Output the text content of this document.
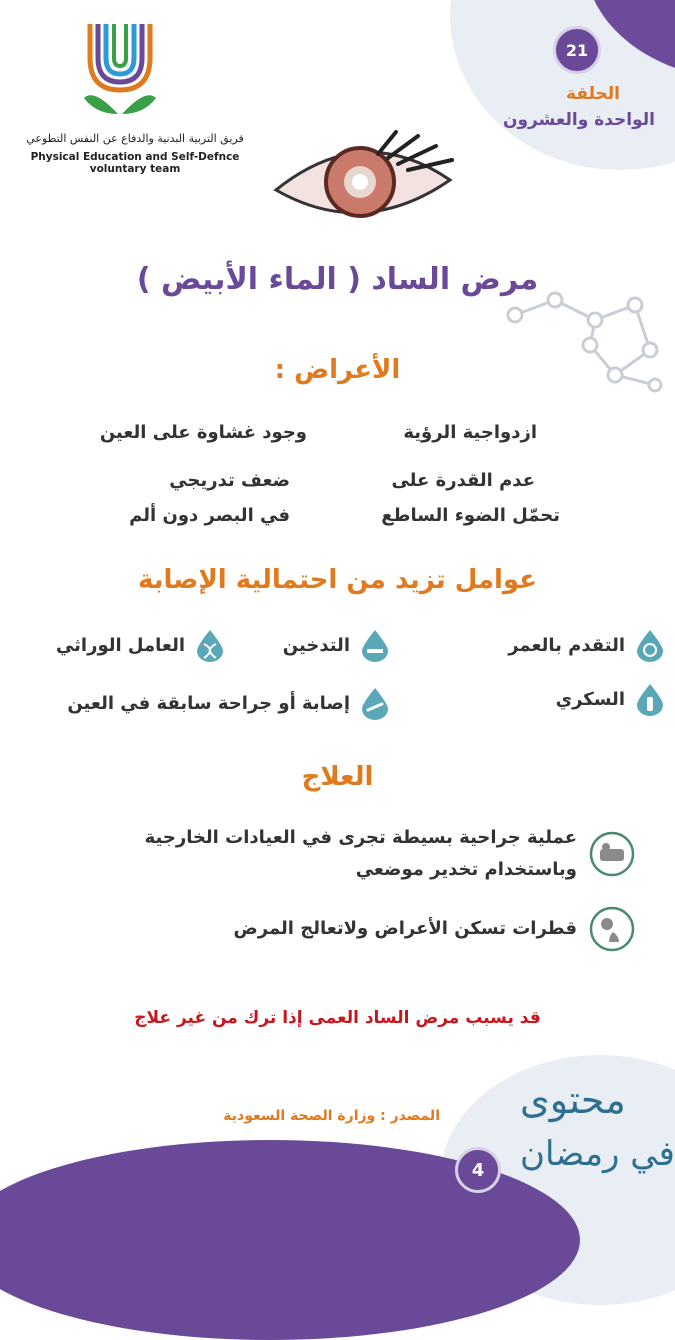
21
الحلقة
الواحدة والعشرون
فريق التربية البدنية والدفاع عن النفس التطوعي
Physical Education and Self-Defnce voluntary team
مرض الساد ( الماء الأبيض )
الأعراض :
ازدواجية الرؤية
وجود غشاوة على العين
عدم القدرة على
تحمّل الضوء الساطع
ضعف تدريجي
في البصر دون ألم
عوامل تزيد من احتمالية الإصابة
التقدم بالعمر
التدخين
العامل الوراثي
السكري
إصابة أو جراحة سابقة في العين
العلاج
عملية جراحية بسيطة تجرى في العيادات الخارجية
وباستخدام تخدير موضعي
قطرات تسكن الأعراض ولاتعالج المرض
قد يسبب مرض الساد العمى إذا ترك من غير علاج
المصدر : وزارة الصحة السعودية محتوى
في رمضان
4
